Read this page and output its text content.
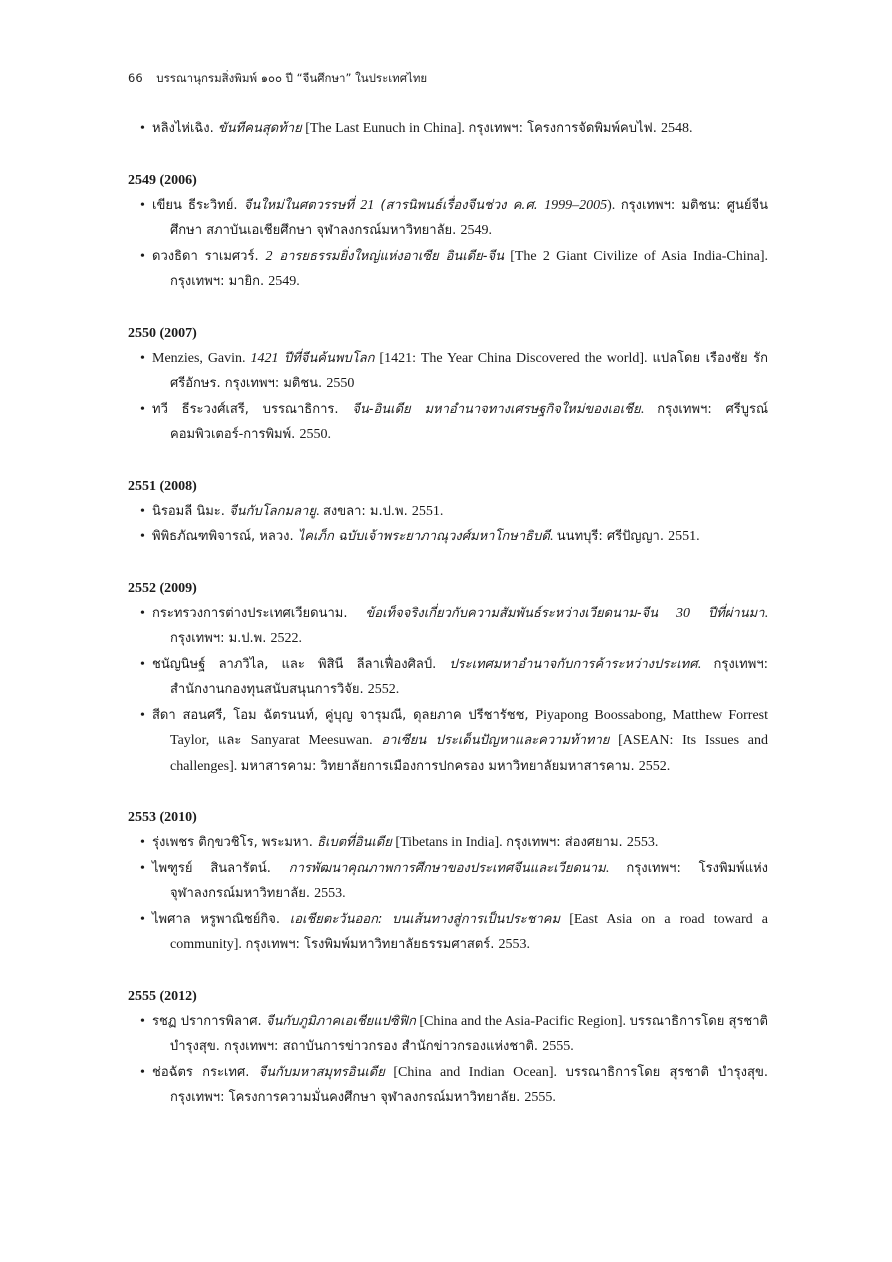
66 บรรณานุกรมสิ่งพิมพ์ ๑๐๐ ปี “จีนศึกษา” ในประเทศไทย
• หลิงไห่เฉิง. ขันทีคนสุดท้าย [The Last Eunuch in China]. กรุงเทพฯ: โครงการจัดพิมพ์คบไฟ. 2548.
2549 (2006)
• เขียน ธีระวิทย์. จีนใหม่ในศตวรรษที่ 21 (สารนิพนธ์เรื่องจีนช่วง ค.ศ. 1999–2005). กรุงเทพฯ: มติชน: ศูนย์จีนศึกษา สภาบันเอเชียศึกษา จุฬาลงกรณ์มหาวิทยาลัย. 2549.
• ดวงธิดา ราเมศวร์. 2 อารยธรรมยิ่งใหญ่แห่งอาเซีย อินเดีย-จีน [The 2 Giant Civilize of Asia India-China]. กรุงเทพฯ: มายิก. 2549.
2550 (2007)
• Menzies, Gavin. 1421 ปีที่จีนค้นพบโลก [1421: The Year China Discovered the world]. แปลโดย เรืองชัย รักศรีอักษร. กรุงเทพฯ: มติชน. 2550
• ทวี ธีระวงศ์เสรี, บรรณาธิการ. จีน-อินเดีย มหาอำนาจทางเศรษฐกิจใหม่ของเอเชีย. กรุงเทพฯ: ศรีบูรณ์คอมพิวเตอร์-การพิมพ์. 2550.
2551 (2008)
• นิรอมลี นิมะ. จีนกับโลกมลายู. สงขลา: ม.ป.พ. 2551.
• พิพิธภัณฑพิจารณ์, หลวง. ไคเภ็ก ฉบับเจ้าพระยาภาณุวงศ์มหาโกษาธิบดี. นนทบุรี: ศรีปัญญา. 2551.
2552 (2009)
• กระทรวงการต่างประเทศเวียดนาม. ข้อเท็จจริงเกี่ยวกับความสัมพันธ์ระหว่างเวียดนาม-จีน 30 ปีที่ผ่านมา. กรุงเทพฯ: ม.ป.พ. 2522.
• ชนัญนิษฐ์ ลาภวิไล, และ พิสินี ลีลาเฟื่องศิลป์. ประเทศมหาอำนาจกับการค้าระหว่างประเทศ. กรุงเทพฯ: สำนักงานกองทุนสนับสนุนการวิจัย. 2552.
• สีดา สอนศรี, โอม ฉัตรนนท์, คู่บุญ จารุมณี, ดุลยภาค ปรีชารัชช, Piyapong Boossabong, Matthew Forrest Taylor, และ Sanyarat Meesuwan. อาเซียน ประเด็นปัญหาและความท้าทาย [ASEAN: Its Issues and challenges]. มหาสารคาม: วิทยาลัยการเมืองการปกครอง มหาวิทยาลัยมหาสารคาม. 2552.
2553 (2010)
• รุ่งเพชร ติกฺขวชิโร, พระมหา. ธิเบตที่อินเดีย [Tibetans in India]. กรุงเทพฯ: ส่องศยาม. 2553.
• ไพฑูรย์ สินลารัตน์. การพัฒนาคุณภาพการศึกษาของประเทศจีนและเวียดนาม. กรุงเทพฯ: โรงพิมพ์แห่งจุฬาลงกรณ์มหาวิทยาลัย. 2553.
• ไพศาล หรูพาณิชย์กิจ. เอเชียตะวันออก: บนเส้นทางสู่การเป็นประชาคม [East Asia on a road toward a community]. กรุงเทพฯ: โรงพิมพ์มหาวิทยาลัยธรรมศาสตร์. 2553.
2555 (2012)
• รชฏ ปราการพิลาศ. จีนกับภูมิภาคเอเชียแปซิฟิก [China and the Asia-Pacific Region]. บรรณาธิการโดย สุรชาติ บำรุงสุข. กรุงเทพฯ: สถาบันการข่าวกรอง สำนักข่าวกรองแห่งชาติ. 2555.
• ช่อฉัตร กระเทศ. จีนกับมหาสมุทรอินเดีย [China and Indian Ocean]. บรรณาธิการโดย สุรชาติ บำรุงสุข. กรุงเทพฯ: โครงการความมั่นคงศึกษา จุฬาลงกรณ์มหาวิทยาลัย. 2555.
